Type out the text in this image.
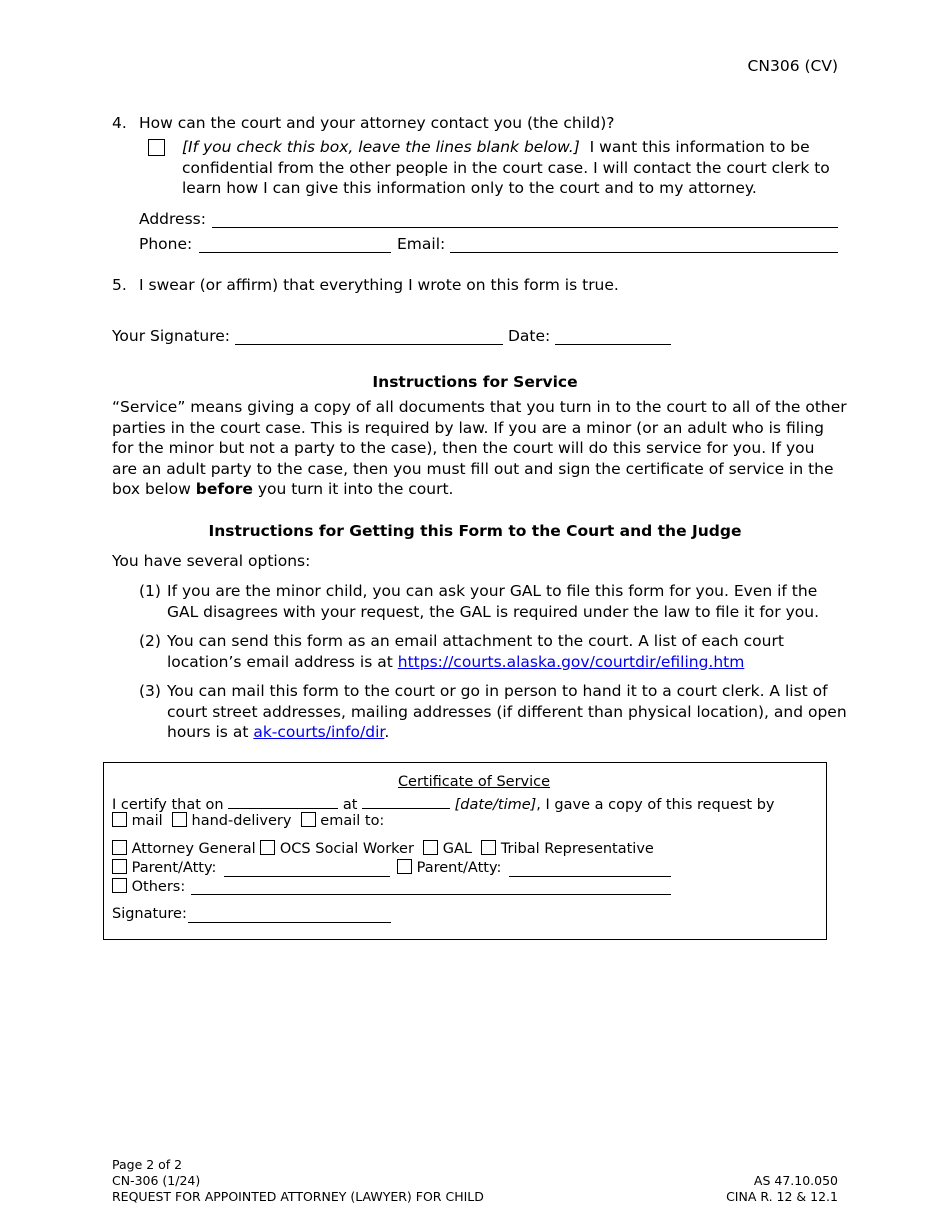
CN306 (CV)
4. How can the court and your attorney contact you (the child)?
[If you check this box, leave the lines blank below.] I want this information to be
confidential from the other people in the court case. I will contact the court clerk to
learn how I can give this information only to the court and to my attorney.
Address:
Phone:	Email:
5. I swear (or affirm) that everything I wrote on this form is true.
Your Signature:	Date:
Instructions for Service
“Service” means giving a copy of all documents that you turn in to the court to all of the other
parties in the court case. This is required by law. If you are a minor (or an adult who is filing
for the minor but not a party to the case), then the court will do this service for you. If you
are an adult party to the case, then you must fill out and sign the certificate of service in the
box below before you turn it into the court.
Instructions for Getting this Form to the Court and the Judge
You have several options:
(1) If you are the minor child, you can ask your GAL to file this form for you. Even if the
GAL disagrees with your request, the GAL is required under the law to file it for you.
(2) You can send this form as an email attachment to the court. A list of each court
location’s email address is at https://courts.alaska.gov/courtdir/efiling.htm
(3) You can mail this form to the court or go in person to hand it to a court clerk. A list of
court street addresses, mailing addresses (if different than physical location), and open
hours is at ak-courts/info/dir.
Certificate of Service
I certify that on	at	[date/time], I gave a copy of this request by
mail hand-delivery email to:
Attorney General OCS Social Worker GAL Tribal Representative
Parent/Atty:	Parent/Atty:
Others:
Signature:
Page 2 of 2
CN-306 (1/24)
REQUEST FOR APPOINTED ATTORNEY (LAWYER) FOR CHILD
AS 47.10.050
CINA R. 12 & 12.1
